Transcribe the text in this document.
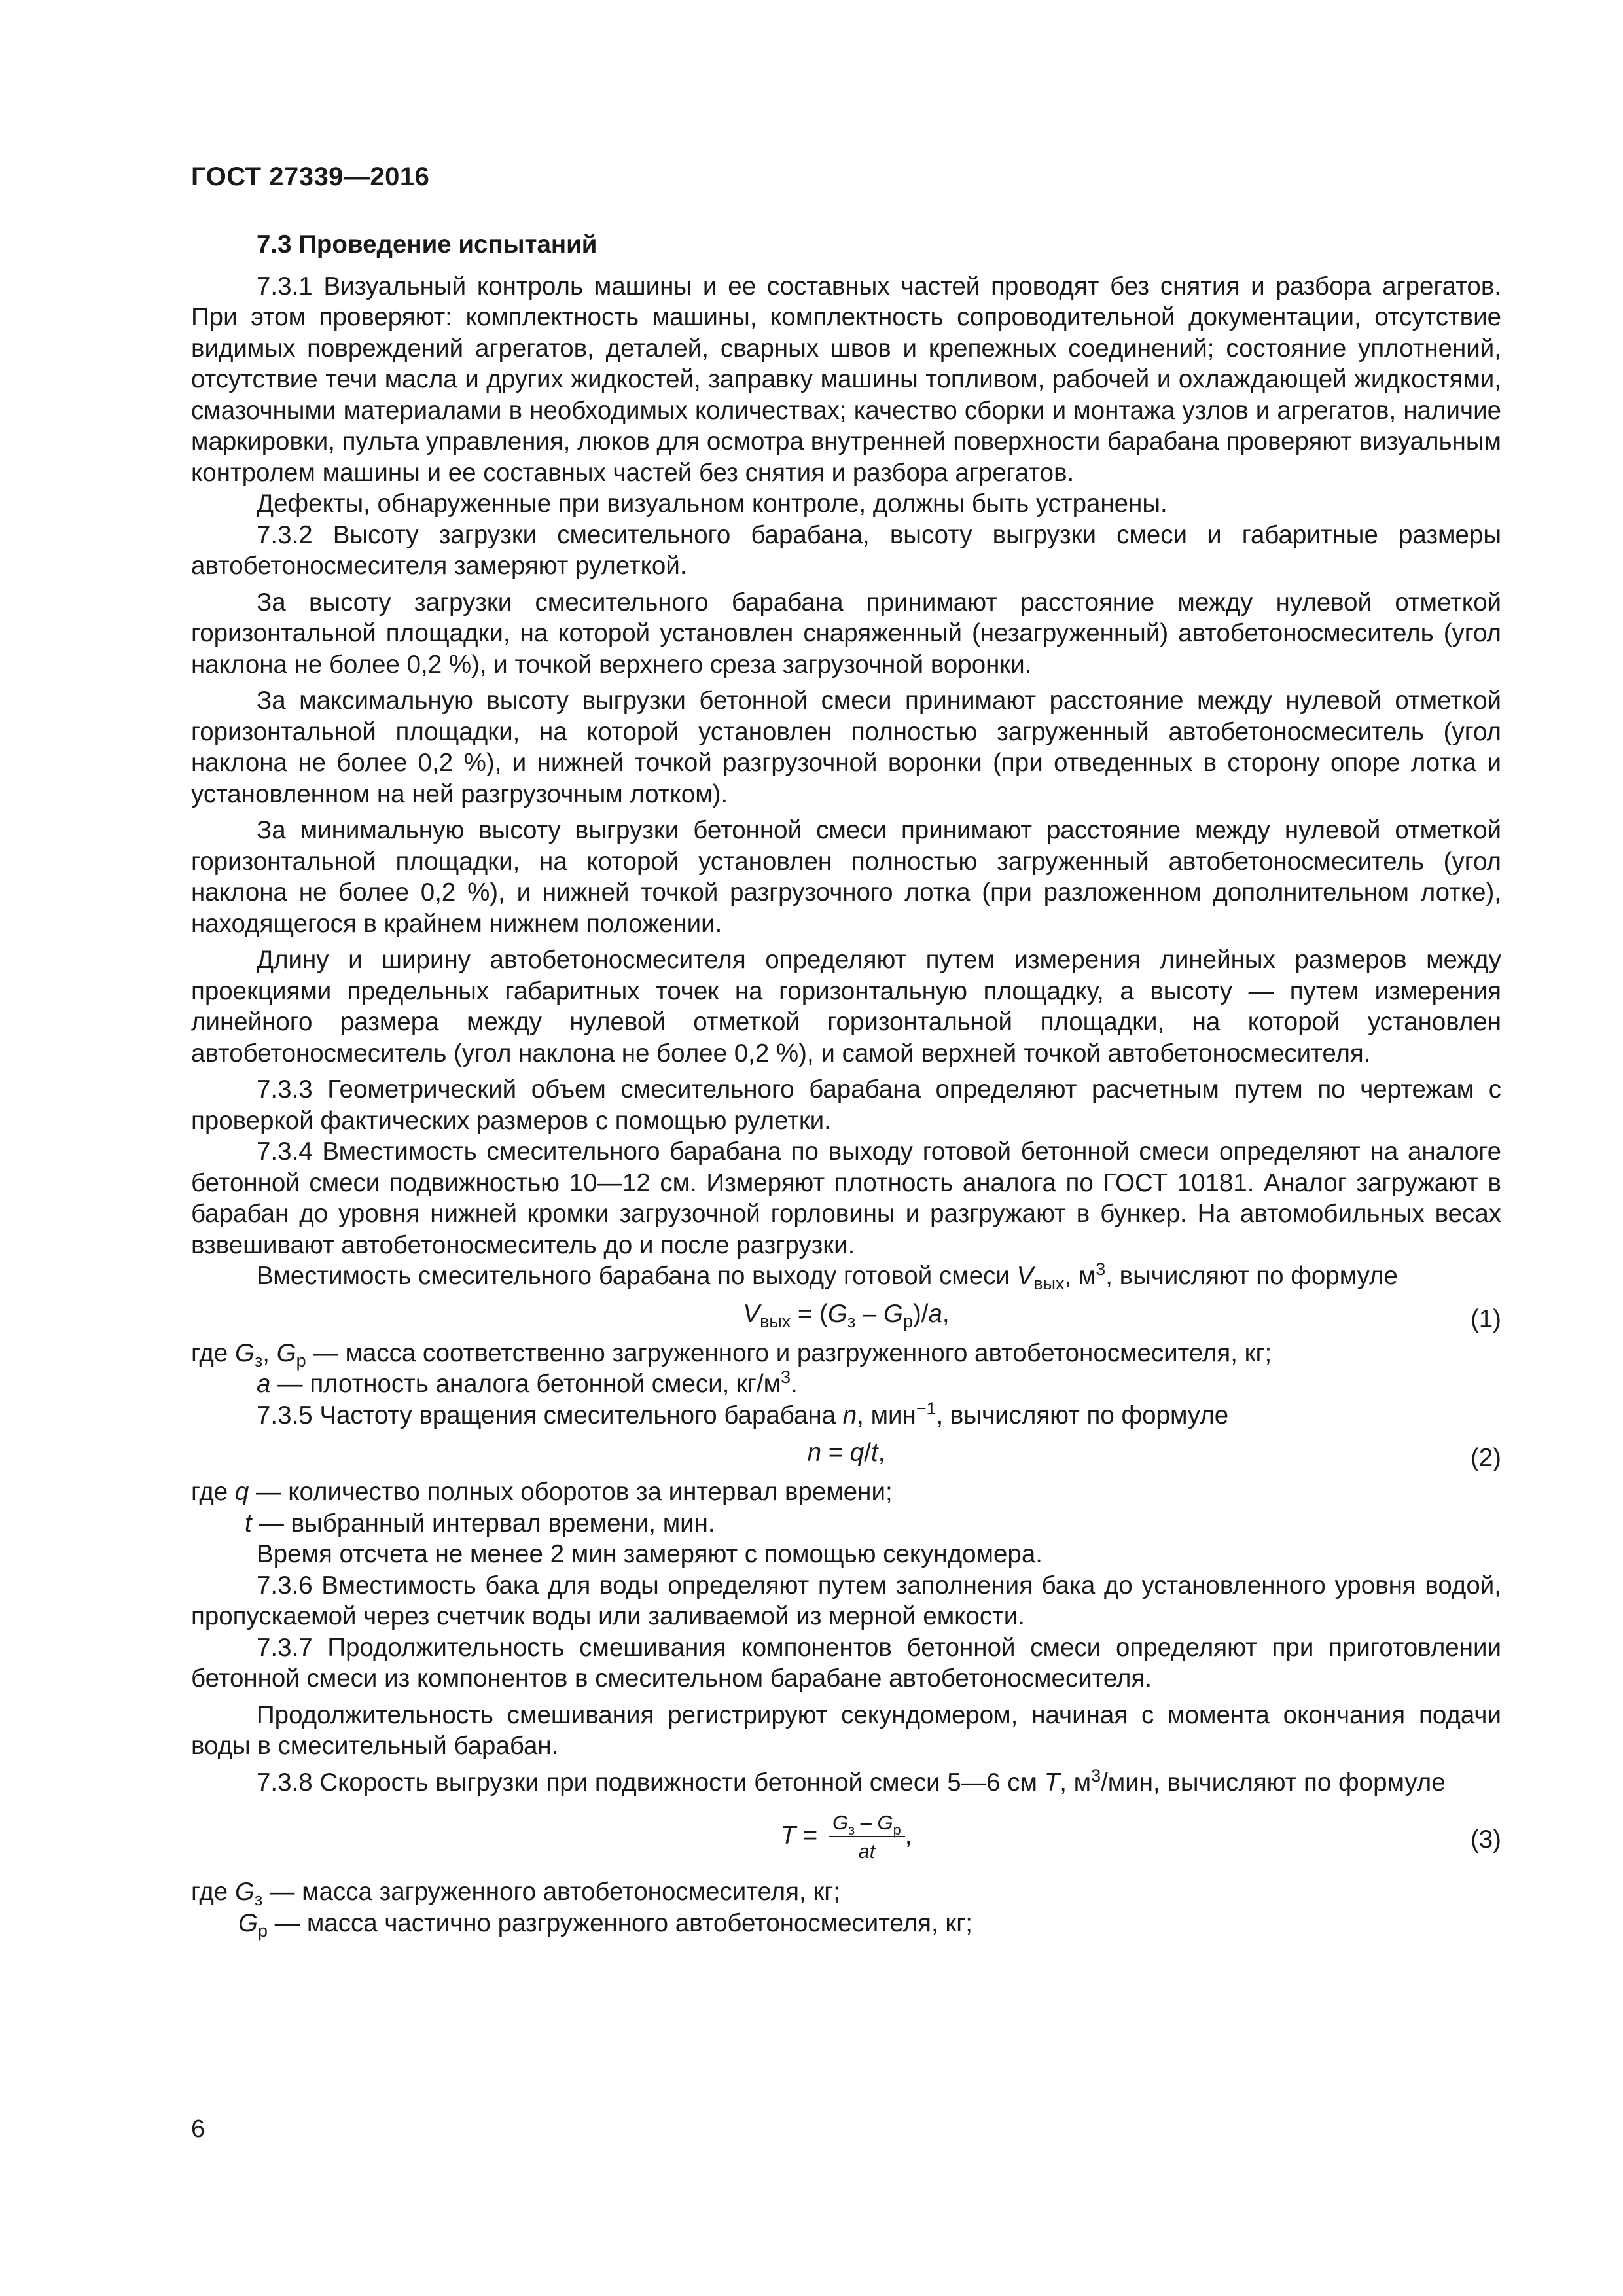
ГОСТ 27339—2016

7.3 Проведение испытаний

7.3.1 Визуальный контроль машины и ее составных частей проводят без снятия и разбора агрегатов. При этом проверяют: комплектность машины, комплектность сопроводительной документации, отсутствие видимых повреждений агрегатов, деталей, сварных швов и крепежных соединений; состояние уплотнений, отсутствие течи масла и других жидкостей, заправку машины топливом, рабочей и охлаждающей жидкостями, смазочными материалами в необходимых количествах; качество сборки и монтажа узлов и агрегатов, наличие маркировки, пульта управления, люков для осмотра внутренней поверхности барабана проверяют визуальным контролем машины и ее составных частей без снятия и разбора агрегатов.

Дефекты, обнаруженные при визуальном контроле, должны быть устранены.

7.3.2 Высоту загрузки смесительного барабана, высоту выгрузки смеси и габаритные размеры автобетоносмесителя замеряют рулеткой.

За высоту загрузки смесительного барабана принимают расстояние между нулевой отметкой горизонтальной площадки, на которой установлен снаряженный (незагруженный) автобетоносмеситель (угол наклона не более 0,2 %), и точкой верхнего среза загрузочной воронки.

За максимальную высоту выгрузки бетонной смеси принимают расстояние между нулевой отметкой горизонтальной площадки, на которой установлен полностью загруженный автобетоносмеситель (угол наклона не более 0,2 %), и нижней точкой разгрузочной воронки (при отведенных в сторону опоре лотка и установленном на ней разгрузочным лотком).

За минимальную высоту выгрузки бетонной смеси принимают расстояние между нулевой отметкой горизонтальной площадки, на которой установлен полностью загруженный автобетоносмеситель (угол наклона не более 0,2 %), и нижней точкой разгрузочного лотка (при разложенном дополнительном лотке), находящегося в крайнем нижнем положении.

Длину и ширину автобетоносмесителя определяют путем измерения линейных размеров между проекциями предельных габаритных точек на горизонтальную площадку, а высоту — путем измерения линейного размера между нулевой отметкой горизонтальной площадки, на которой установлен автобетоносмеситель (угол наклона не более 0,2 %), и самой верхней точкой автобетоносмесителя.

7.3.3 Геометрический объем смесительного барабана определяют расчетным путем по чертежам с проверкой фактических размеров с помощью рулетки.

7.3.4 Вместимость смесительного барабана по выходу готовой бетонной смеси определяют на аналоге бетонной смеси подвижностью 10—12 см. Измеряют плотность аналога по ГОСТ 10181. Аналог загружают в барабан до уровня нижней кромки загрузочной горловины и разгружают в бункер. На автомобильных весах взвешивают автобетоносмеситель до и после разгрузки.

Вместимость смесительного барабана по выходу готовой смеси $V_{вых}$, $м^3$, вычисляют по формуле

$V_{вых} = (G_з - G_р)/a$,	(1)

где $G_з$, $G_р$ — масса соответственно загруженного и разгруженного автобетоносмесителя, кг;

a — плотность аналога бетонной смеси, $кг/м^3$.

7.3.5 Частоту вращения смесительного барабана n, мин$^{-1}$, вычисляют по формуле

n = q/t,	(2)

где q — количество полных оборотов за интервал времени;

t — выбранный интервал времени, мин.

Время отсчета не менее 2 мин замеряют с помощью секундомера.

7.3.6 Вместимость бака для воды определяют путем заполнения бака до установленного уровня водой, пропускаемой через счетчик воды или заливаемой из мерной емкости.

7.3.7 Продолжительность смешивания компонентов бетонной смеси определяют при приготовлении бетонной смеси из компонентов в смесительном барабане автобетоносмесителя.

Продолжительность смешивания регистрируют секундомером, начиная с момента окончания подачи воды в смесительный барабан.

7.3.8 Скорость выгрузки при подвижности бетонной смеси 5—6 см T, $м^3$/мин, вычисляют по формуле

$T = \frac{G_з - G_р}{at}$ ,	(3)

где $G_з$ — масса загруженного автобетоносмесителя, кг;

$G_р$ — масса частично разгруженного автобетоносмесителя, кг;

6
